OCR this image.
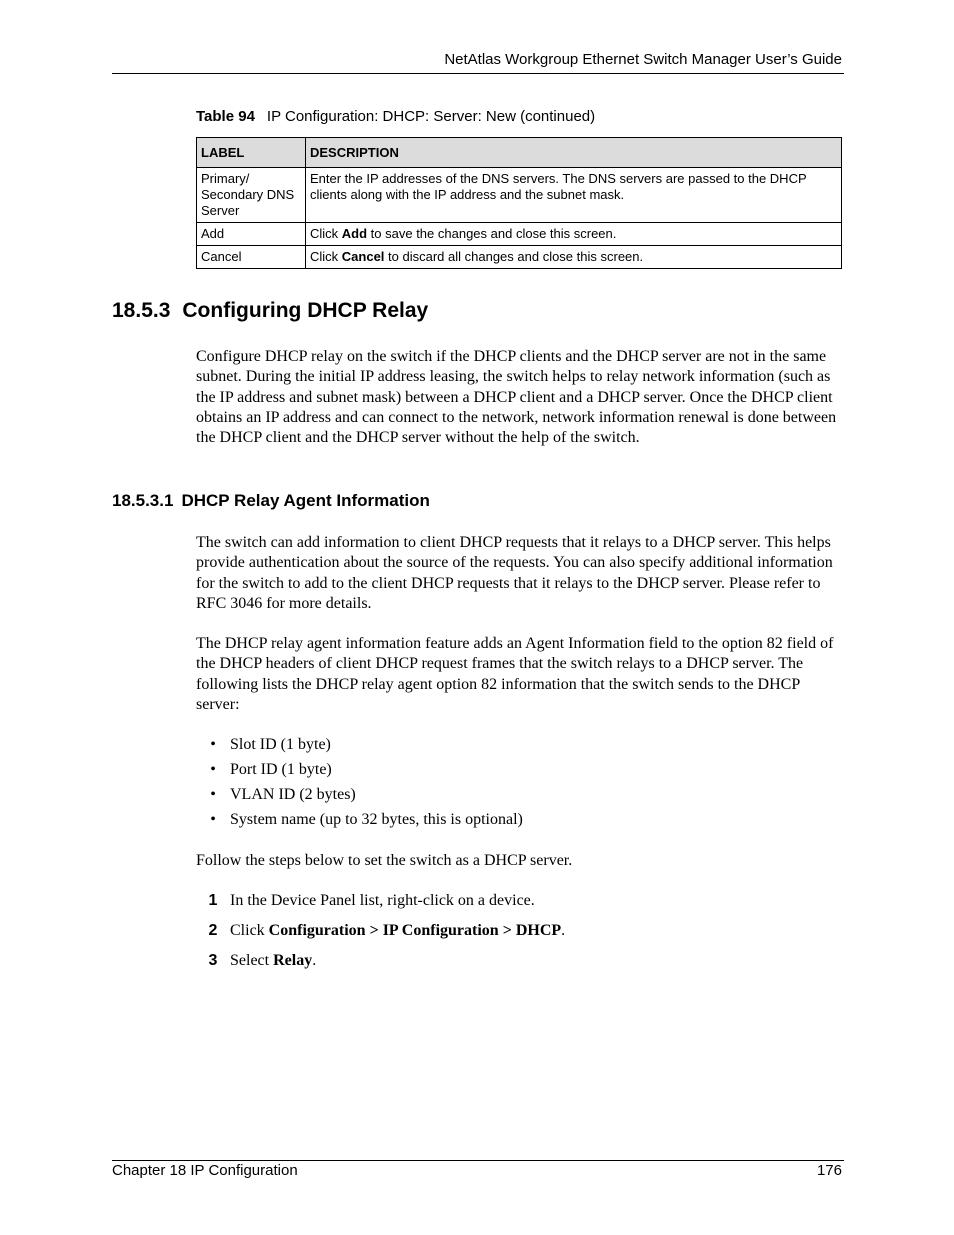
NetAtlas Workgroup Ethernet Switch Manager User’s Guide
Table 94 IP Configuration: DHCP: Server: New (continued)
LABEL	DESCRIPTION
Primary/ Secondary DNS Server	Enter the IP addresses of the DNS servers. The DNS servers are passed to the DHCP clients along with the IP address and the subnet mask.
Add	Click Add to save the changes and close this screen.
Cancel	Click Cancel to discard all changes and close this screen.
18.5.3 Configuring DHCP Relay

Configure DHCP relay on the switch if the DHCP clients and the DHCP server are not in the same subnet. During the initial IP address leasing, the switch helps to relay network information (such as the IP address and subnet mask) between a DHCP client and a DHCP server. Once the DHCP client obtains an IP address and can connect to the network, network information renewal is done between the DHCP client and the DHCP server without the help of the switch.

18.5.3.1 DHCP Relay Agent Information

The switch can add information to client DHCP requests that it relays to a DHCP server. This helps provide authentication about the source of the requests. You can also specify additional information for the switch to add to the client DHCP requests that it relays to the DHCP server. Please refer to RFC 3046 for more details.

The DHCP relay agent information feature adds an Agent Information field to the option 82 field of the DHCP headers of client DHCP request frames that the switch relays to a DHCP server. The following lists the DHCP relay agent option 82 information that the switch sends to the DHCP server:

• Slot ID (1 byte)
• Port ID (1 byte)
• VLAN ID (2 bytes)
• System name (up to 32 bytes, this is optional)

Follow the steps below to set the switch as a DHCP server.

1 In the Device Panel list, right-click on a device.
2 Click Configuration > IP Configuration > DHCP.
3 Select Relay.
Chapter 18 IP Configuration	176
